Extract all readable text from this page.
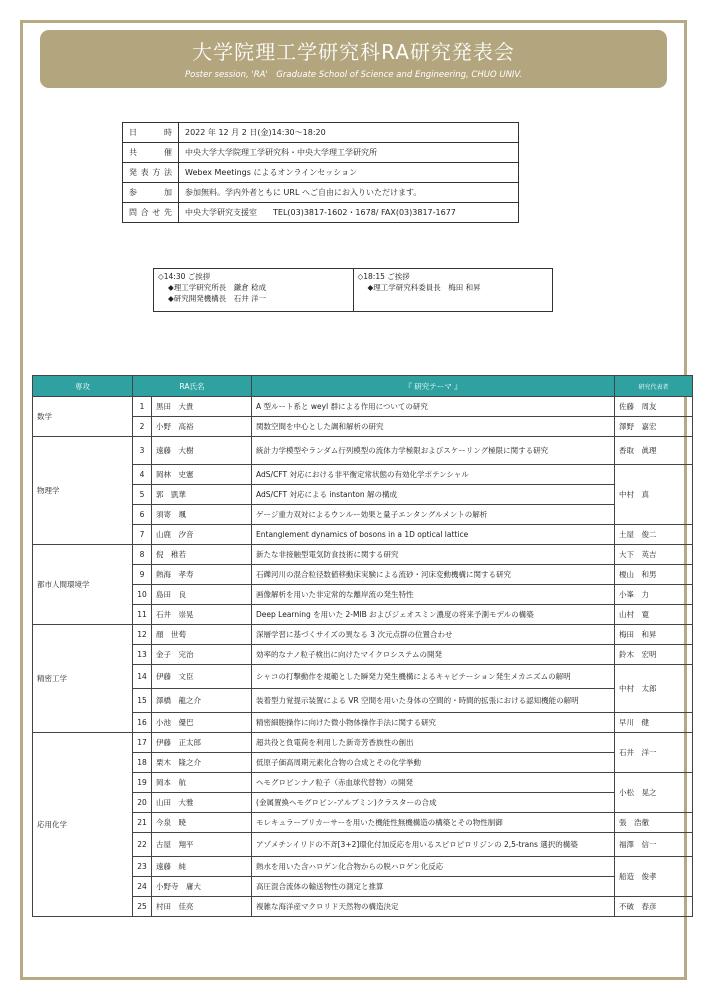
大学院理工学研究科RA研究発表会
Poster session, 'RA'　Graduate School of Science and Engineering, CHUO UNIV.
日　時	2022 年 12 月 2 日(金)14:30～18:20
共　催	中央大学大学院理工学研究科・中央大学理工学研究所
発表方法	Webex Meetings によるオンラインセッション
参　加	参加無料。学内外者ともに URL へご自由にお入りいただけます。
問合せ先	中央大学研究支援室　　TEL(03)3817-1602・1678/ FAX(03)3817-1677
◇14:30 ご挨拶
◆理工学研究所長　鎌倉 稔成
◆研究開発機構長　石井 洋一
◇18:15 ご挨拶
◆理工学研究科委員長　梅田 和昇
専攻	RA氏名		『 研究テーマ 』	研究代表者
数学	1	黒田　大貴	A 型ルート系と weyl 群による作用についての研究	佐藤　周友
	2	小野　高裕	関数空間を中心とした調和解析の研究	澤野　嘉宏
物理学	3	遠藤　大樹	統計力学模型やランダム行列模型の流体力学極限およびスケーリング極限に関する研究	香取　眞理
	4	岡林　史憲	AdS/CFT 対応における非平衡定常状態の有効化学ポテンシャル	中村　真
	5	郭　凱華	AdS/CFT 対応による instanton 解の構成	
	6	須寄　颯	ゲージ重力双対によるウンルー効果と量子エンタングルメントの解析	
	7	山鹿　汐音	Entanglement dynamics of bosons in a 1D optical lattice	土屋　俊二
都市人間環境学	8	倪　稚若	新たな非接触型電気防食技術に関する研究	大下　英吉
	9	熱海　孝寿	石礫河川の混合粒径数値移動床実験による流砂・河床変動機構に関する研究	榎山　和男
	10	島田　良	画像解析を用いた非定常的な離岸流の発生特性	小峯　力
	11	石井　崇晃	Deep Learning を用いた 2-MIB およびジェオスミン濃度の将来予測モデルの構築	山村　寛
精密工学	12	顔　世萄	深層学習に基づくサイズの異なる 3 次元点群の位置合わせ	梅田　和昇
	13	金子　完治	効率的なナノ粒子検出に向けたマイクロシステムの開発	鈴木　宏明
	14	伊藤　文臣	シャコの打撃動作を規範とした瞬発力発生機構によるキャビテーション発生メカニズムの解明	中村　太郎
	15	澤橋　龍之介	装着型力覚提示装置による VR 空間を用いた身体の空間的・時間的拡張における認知機能の解明	
	16	小池　優巴	精密細胞操作に向けた微小物体操作手法に関する研究	早川　健
応用化学	17	伊藤　正太郎	超共役と負電荷を利用した新奇芳香族性の創出	石井　洋一
	18	栗木　隆之介	低原子価高周期元素化合物の合成とその化学挙動	
	19	岡本　航	ヘモグロビンナノ粒子（赤血球代替物）の開発	小松　晃之
	20	山田　大雅	(金属置換ヘモグロビン-アルブミン)クラスターの合成	
	21	今泉　暁	モレキュラープリカーサーを用いた機能性無機構造の構築とその物性制御	張　浩徹
	22	古屋　翔平	アゾメチンイリドの不斉[3+2]環化付加反応を用いるスピロピロリジンの 2,5-trans 選択的構築	福澤　信一
	23	遠藤　純	熱水を用いた含ハロゲン化合物からの脱ハロゲン化反応	船造　俊孝
	24	小野寺　庸大	高圧混合流体の輸送物性の測定と推算	
	25	村田　佳亮	複雑な海洋産マクロリド天然物の構造決定	不破　春彦
